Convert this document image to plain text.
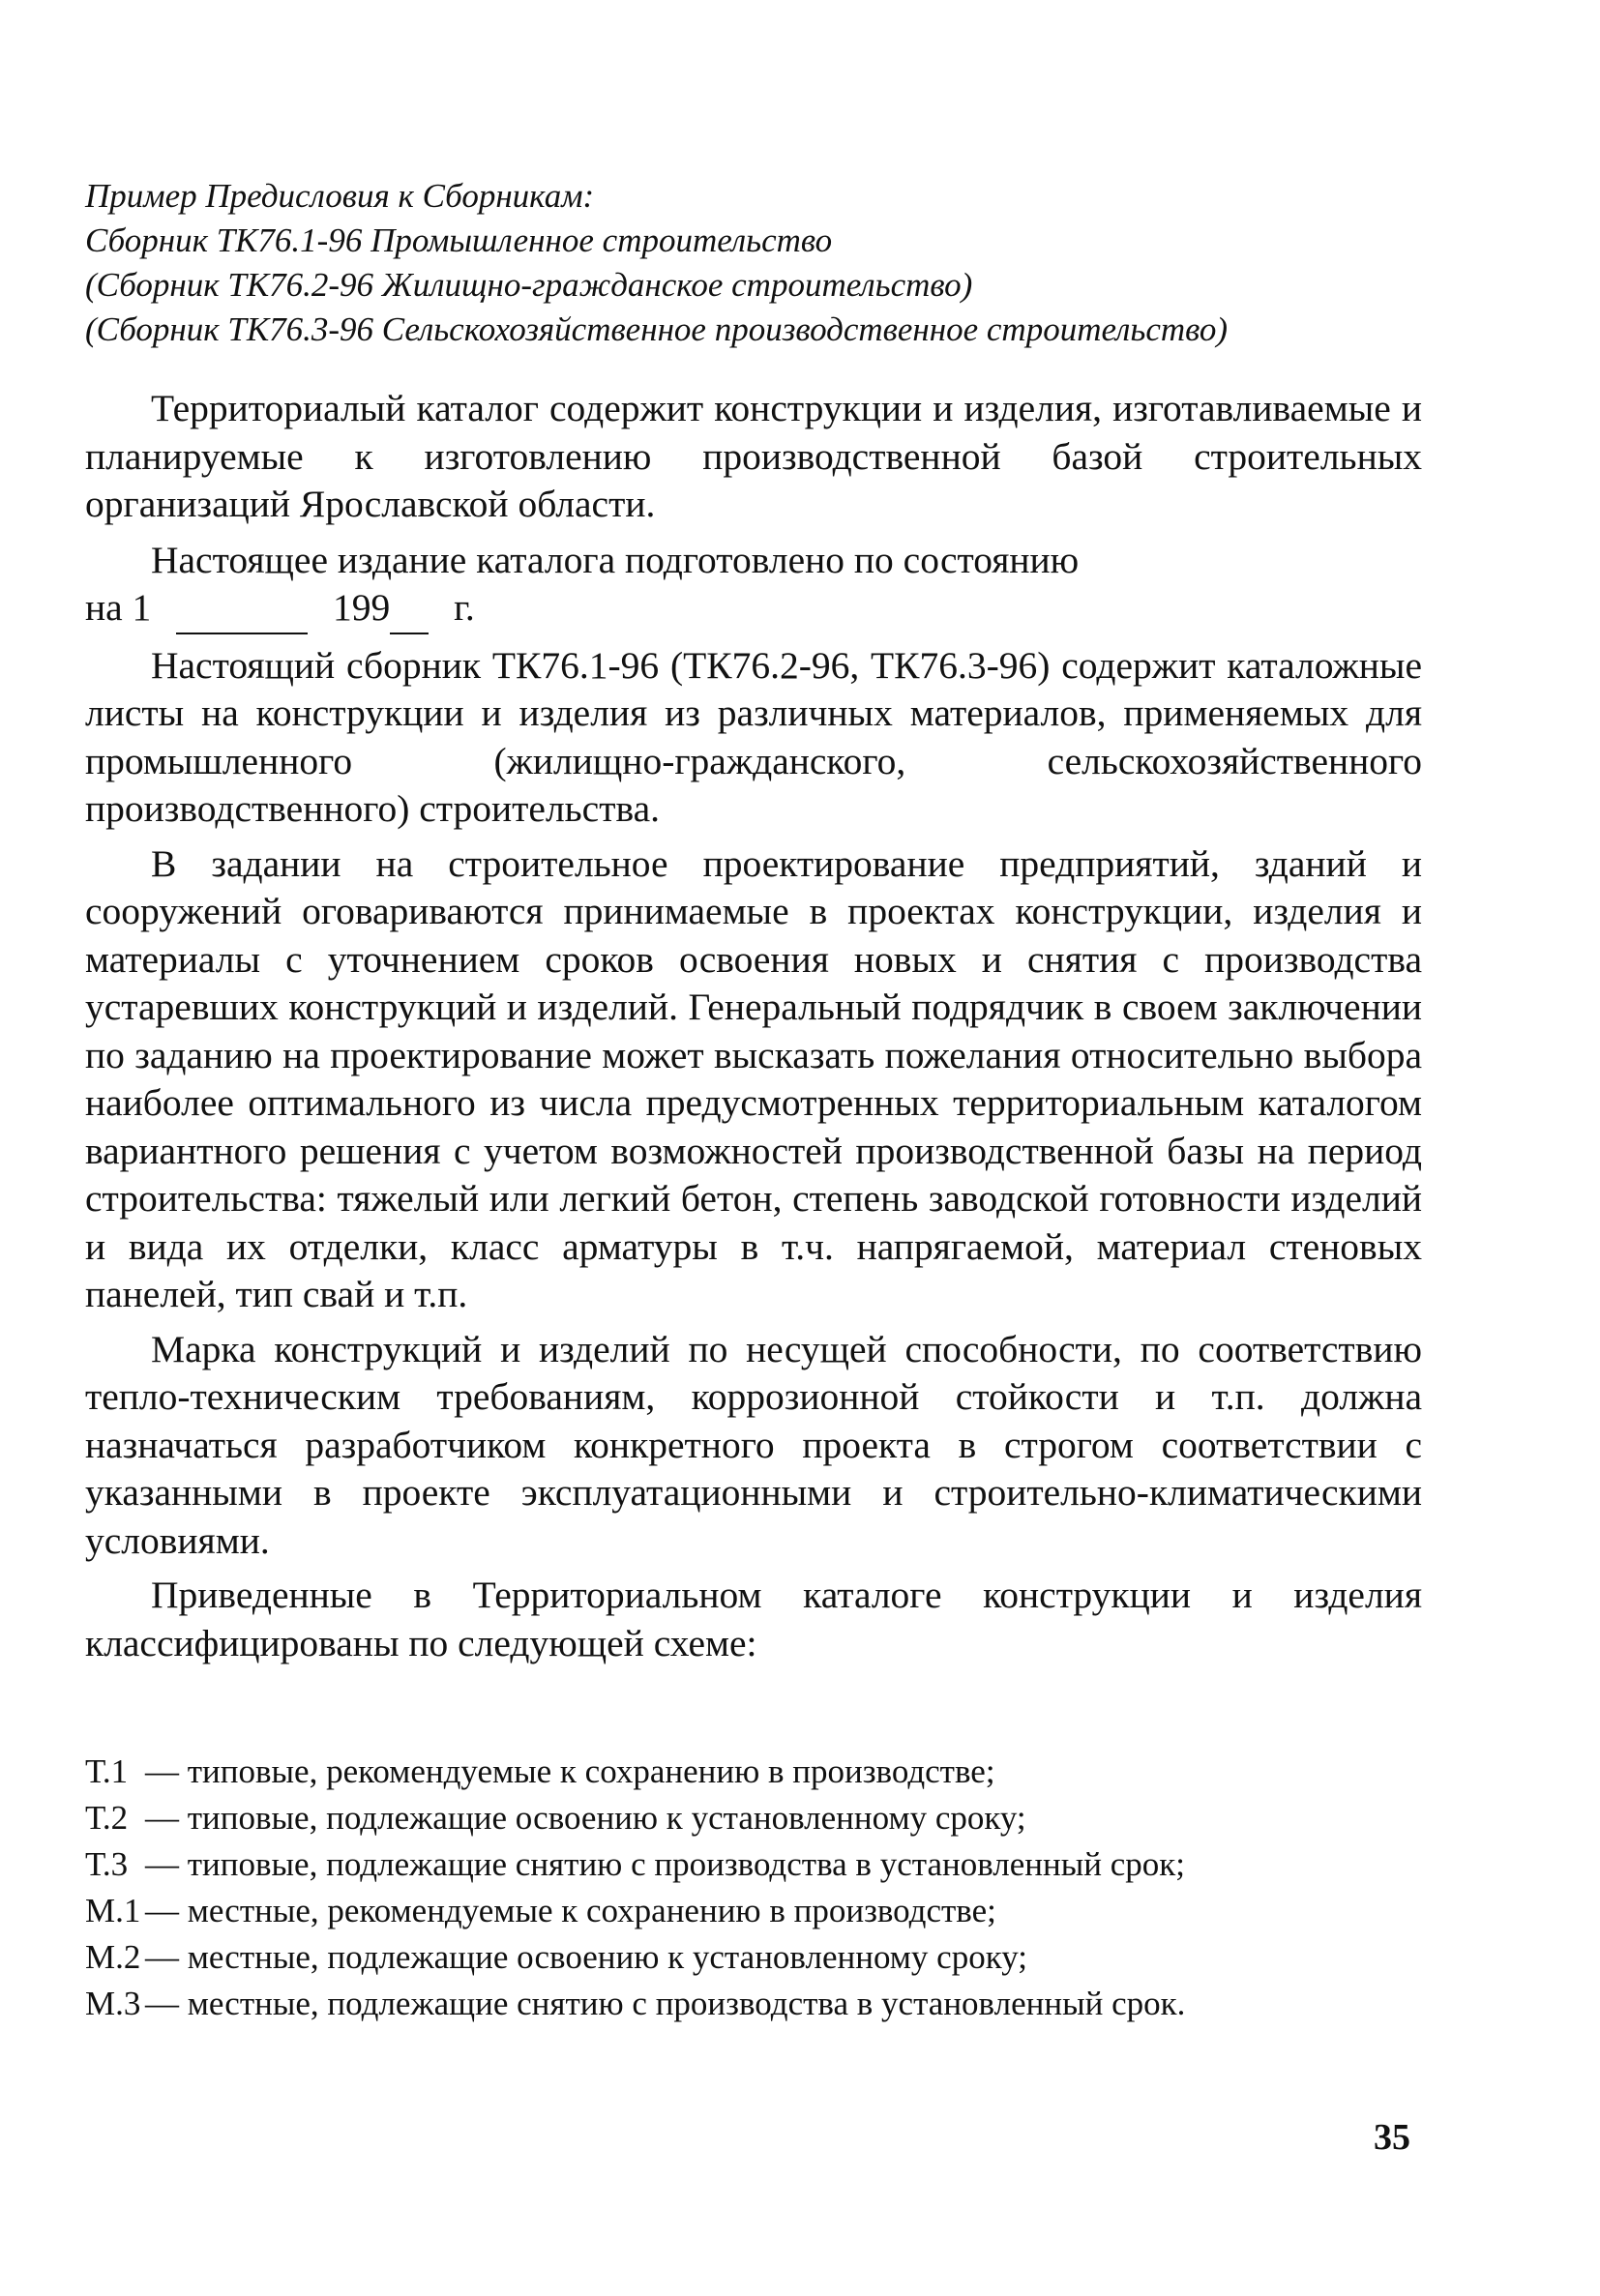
Пример Предисловия к Сборникам:
Сборник ТК76.1-96 Промышленное строительство
(Сборник ТК76.2-96 Жилищно-гражданское строительство)
(Сборник ТК76.3-96 Сельскохозяйственное производственное строительство)

Территориалый каталог содержит конструкции и изделия, изготавливаемые и планируемые к изготовлению производственной базой строительных организаций Ярославской области.

Настоящее издание каталога подготовлено по состоянию

на 1	199 г.

Настоящий сборник ТК76.1-96 (ТК76.2-96, ТК76.3-96) содержит каталожные листы на конструкции и изделия из различных материалов, применяемых для промышленного (жилищно-гражданского, сельскохозяйственного производственного) строительства.

В задании на строительное проектирование предприятий, зданий и сооружений оговариваются принимаемые в проектах конструкции, изделия и материалы с уточнением сроков освоения новых и снятия с производства устаревших конструкций и изделий. Генеральный подрядчик в своем заключении по заданию на проектирование может высказать пожелания относительно выбора наиболее оптимального из числа предусмотренных территориальным каталогом вариантного решения с учетом возможностей производственной базы на период строительства: тяжелый или легкий бетон, степень заводской готовности изделий и вида их отделки, класс арматуры в т.ч. напрягаемой, материал стеновых панелей, тип свай и т.п.

Марка конструкций и изделий по несущей способности, по соответствию тепло-техническим требованиям, коррозионной стойкости и т.п. должна назначаться разработчиком конкретного проекта в строгом соответствии с указанными в проекте эксплуатационными и строительно-климатическими условиями.

Приведенные в Территориальном каталоге конструкции и изделия классифицированы по следующей схеме:

Т.1 — типовые, рекомендуемые к сохранению в производстве;
Т.2 — типовые, подлежащие освоению к установленному сроку;
Т.3 — типовые, подлежащие снятию с производства в установленный срок;
М.1 — местные, рекомендуемые к сохранению в производстве;
М.2 — местные, подлежащие освоению к установленному сроку;
М.3 — местные, подлежащие снятию с производства в установленный срок.
35
